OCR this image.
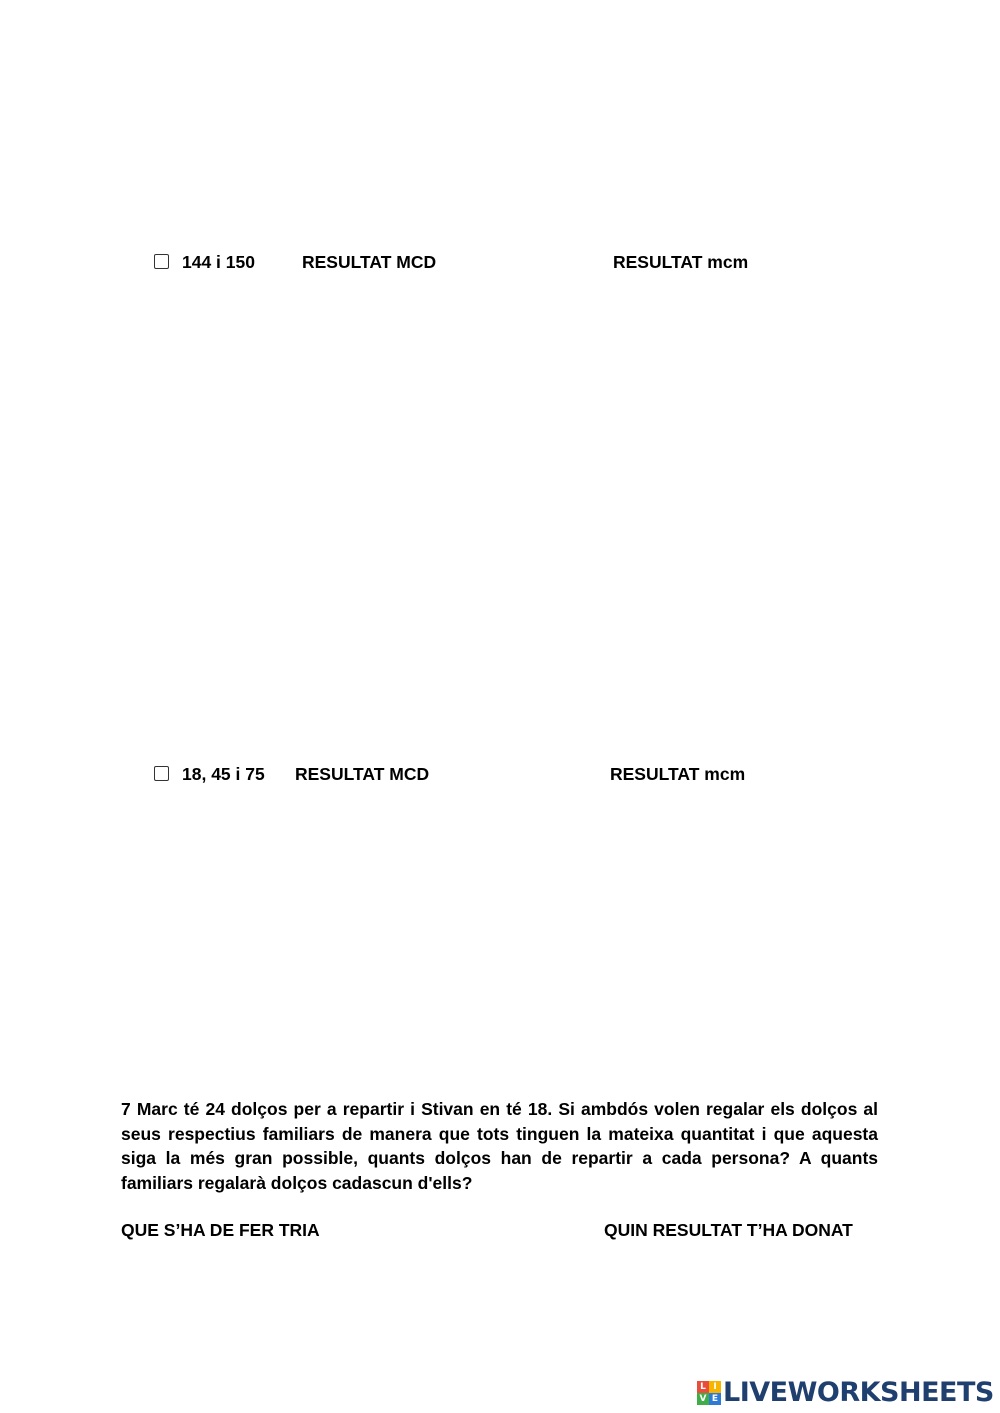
144 i 150	RESULTAT MCD	RESULTAT mcm
18, 45 i 75 RESULTAT MCD	RESULTAT mcm

7 Marc té 24 dolços per a repartir i Stivan en té 18. Si ambdós volen regalar els dolços al seus respectius familiars de manera que tots tinguen la mateixa quantitat i que aquesta siga la més gran possible, quants dolços han de repartir a cada persona? A quants familiars regalarà dolços cadascun d'ells?

QUE S’HA DE FER TRIA	QUIN RESULTAT T’HA DONAT
L I
V E LIVEWORKSHEETS
